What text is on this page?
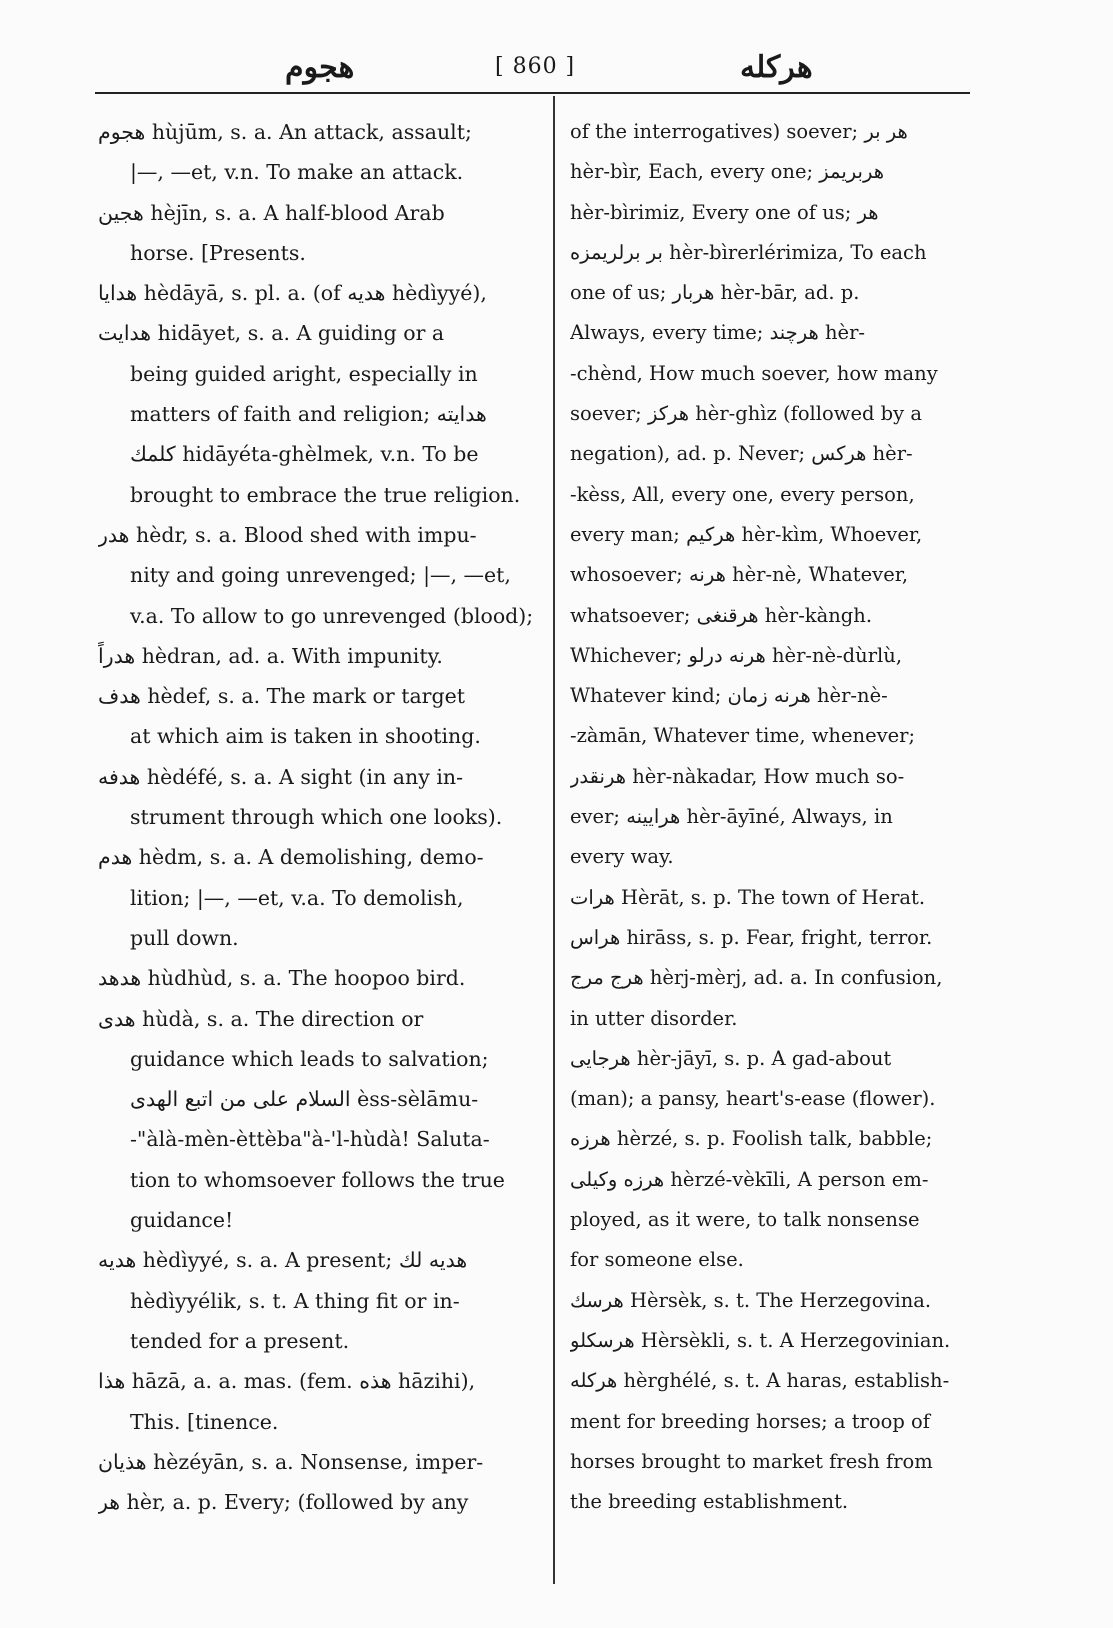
هجوم	[ 860 ]	هركله
هجوم hùjūm, s. a. An attack, assault;
|—, —et, v.n. To make an attack.
هجين hèjīn, s. a. A half-blood Arab
horse. [Presents.
هدايا hèdāyā, s. pl. a. (of هديه hèdìyyé),
هدايت hidāyet, s. a. A guiding or a
being guided aright, especially in
matters of faith and religion; هدايته
كلمك hidāyéta-ghèlmek, v.n. To be
brought to embrace the true religion.
هدر hèdr, s. a. Blood shed with impu-
nity and going unrevenged; |—, —et,
v.a. To allow to go unrevenged (blood);
هدراً hèdran, ad. a. With impunity.
هدف hèdef, s. a. The mark or target
at which aim is taken in shooting.
هدفه hèdéfé, s. a. A sight (in any in-
strument through which one looks).
هدم hèdm, s. a. A demolishing, demo-
lition; |—, —et, v.a. To demolish,
pull down.
هدهد hùdhùd, s. a. The hoopoo bird.
هدى hùdà, s. a. The direction or
guidance which leads to salvation;
السلام على من اتبع الهدى èss-sèlāmu-
-"àlà-mèn-èttèba"à-'l-hùdà! Saluta-
tion to whomsoever follows the true
guidance!
هديه hèdìyyé, s. a. A present; هديه لك
hèdìyyélik, s. t. A thing fit or in-
tended for a present.
هذا hāzā, a. a. mas. (fem. هذه hāzihi),
This. [tinence.
هذيان hèzéyān, s. a. Nonsense, imper-
هر hèr, a. p. Every; (followed by any
of the interrogatives) soever; هر بر
hèr-bìr, Each, every one; هربريمز
hèr-bìrimiz, Every one of us; هر
بر برلريمزه hèr-bìrerlérimiza, To each
one of us; هربار hèr-bār, ad. p.
Always, every time; هرچند hèr-
-chènd, How much soever, how many
soever; هركز hèr-ghìz (followed by a
negation), ad. p. Never; هركس hèr-
-kèss, All, every one, every person,
every man; هركيم hèr-kìm, Whoever,
whosoever; هرنه hèr-nè, Whatever,
whatsoever; هرقنغى hèr-kàngh.
Whichever; هرنه درلو hèr-nè-dùrlù,
Whatever kind; هرنه زمان hèr-nè-
-zàmān, Whatever time, whenever;
هرنقدر hèr-nàkadar, How much so-
ever; هرايينه hèr-āyīné, Always, in
every way.
هرات Hèrāt, s. p. The town of Herat.
هراس hirāss, s. p. Fear, fright, terror.
هرج مرج hèrj-mèrj, ad. a. In confusion,
in utter disorder.
هرجايى hèr-jāyī, s. p. A gad-about
(man); a pansy, heart's-ease (flower).
هرزه hèrzé, s. p. Foolish talk, babble;
هرزه وكيلى hèrzé-vèkīli, A person em-
ployed, as it were, to talk nonsense
for someone else.
هرسك Hèrsèk, s. t. The Herzegovina.
هرسكلو Hèrsèkli, s. t. A Herzegovinian.
هركله hèrghélé, s. t. A haras, establish-
ment for breeding horses; a troop of
horses brought to market fresh from
the breeding establishment.
